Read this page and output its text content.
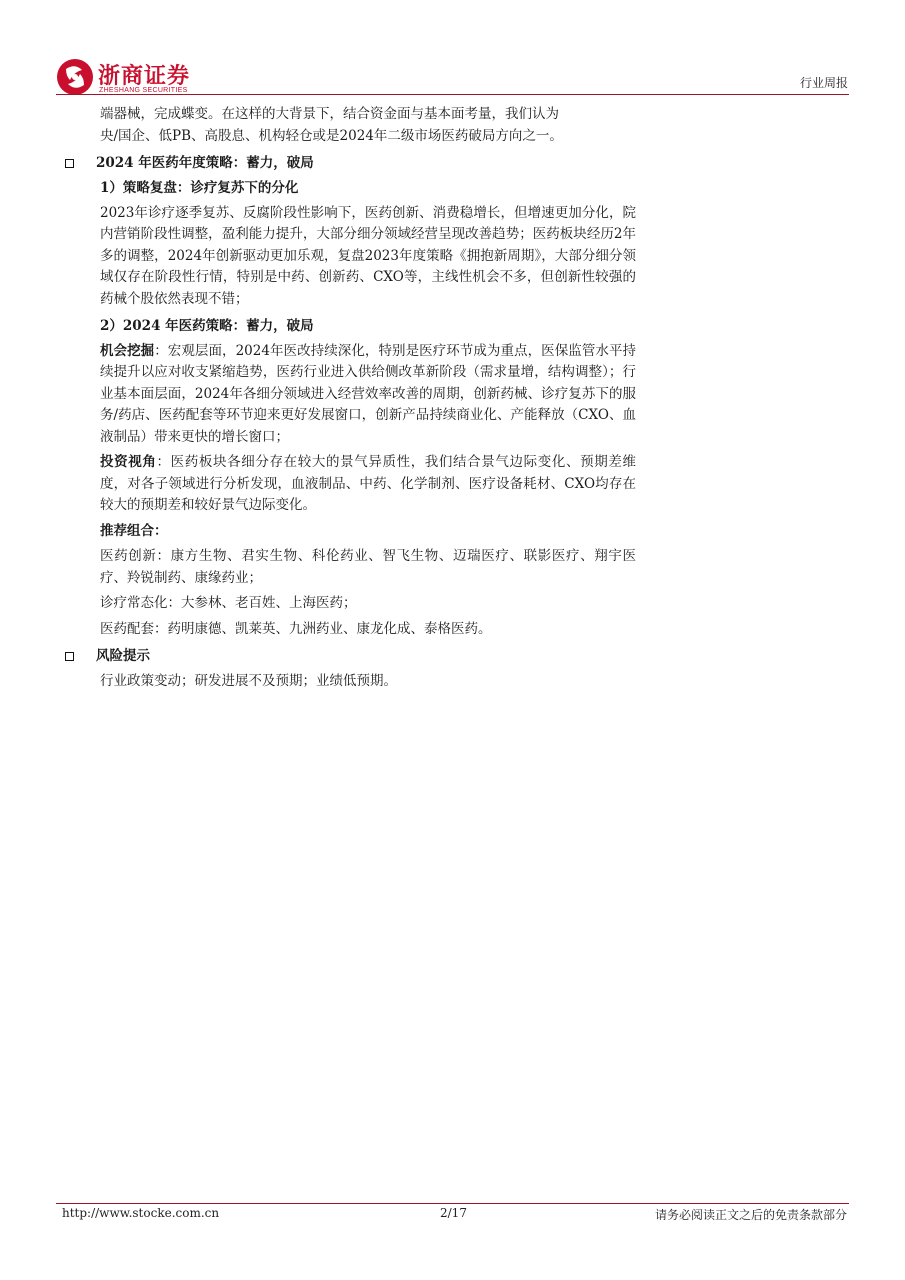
浙商证券
ZHESHANG SECURITIES
行业周报

端器械，完成蝶变。在这样的大背景下，结合资金面与基本面考量，我们认为

央/国企、低PB、高股息、机构轻仓或是2024年二级市场医药破局方向之一。

2024 年医药年度策略：蓄力，破局
1）策略复盘：诊疗复苏下的分化

2023年诊疗逐季复苏、反腐阶段性影响下，医药创新、消费稳增长，但增速更加分化，院内营销阶段性调整，盈利能力提升，大部分细分领域经营呈现改善趋势；医药板块经历2年多的调整，2024年创新驱动更加乐观，复盘2023年度策略《拥抱新周期》，大部分细分领域仅存在阶段性行情，特别是中药、创新药、CXO等，主线性机会不多，但创新性较强的药械个股依然表现不错；

2）2024 年医药策略：蓄力，破局

机会挖掘：宏观层面，2024年医改持续深化，特别是医疗环节成为重点，医保监管水平持续提升以应对收支紧缩趋势，医药行业进入供给侧改革新阶段（需求量增，结构调整）；行业基本面层面，2024年各细分领域进入经营效率改善的周期，创新药械、诊疗复苏下的服务/药店、医药配套等环节迎来更好发展窗口，创新产品持续商业化、产能释放（CXO、血液制品）带来更快的增长窗口；

投资视角：医药板块各细分存在较大的景气异质性，我们结合景气边际变化、预期差维度，对各子领域进行分析发现，血液制品、中药、化学制剂、医疗设备耗材、CXO均存在较大的预期差和较好景气边际变化。

推荐组合：

医药创新：康方生物、君实生物、科伦药业、智飞生物、迈瑞医疗、联影医疗、翔宇医疗、羚锐制药、康缘药业；

诊疗常态化：大参林、老百姓、上海医药；

医药配套：药明康德、凯莱英、九洲药业、康龙化成、泰格医药。

风险提示

行业政策变动；研发进展不及预期；业绩低预期。

http://www.stocke.com.cn	2/17	请务必阅读正文之后的免责条款部分
